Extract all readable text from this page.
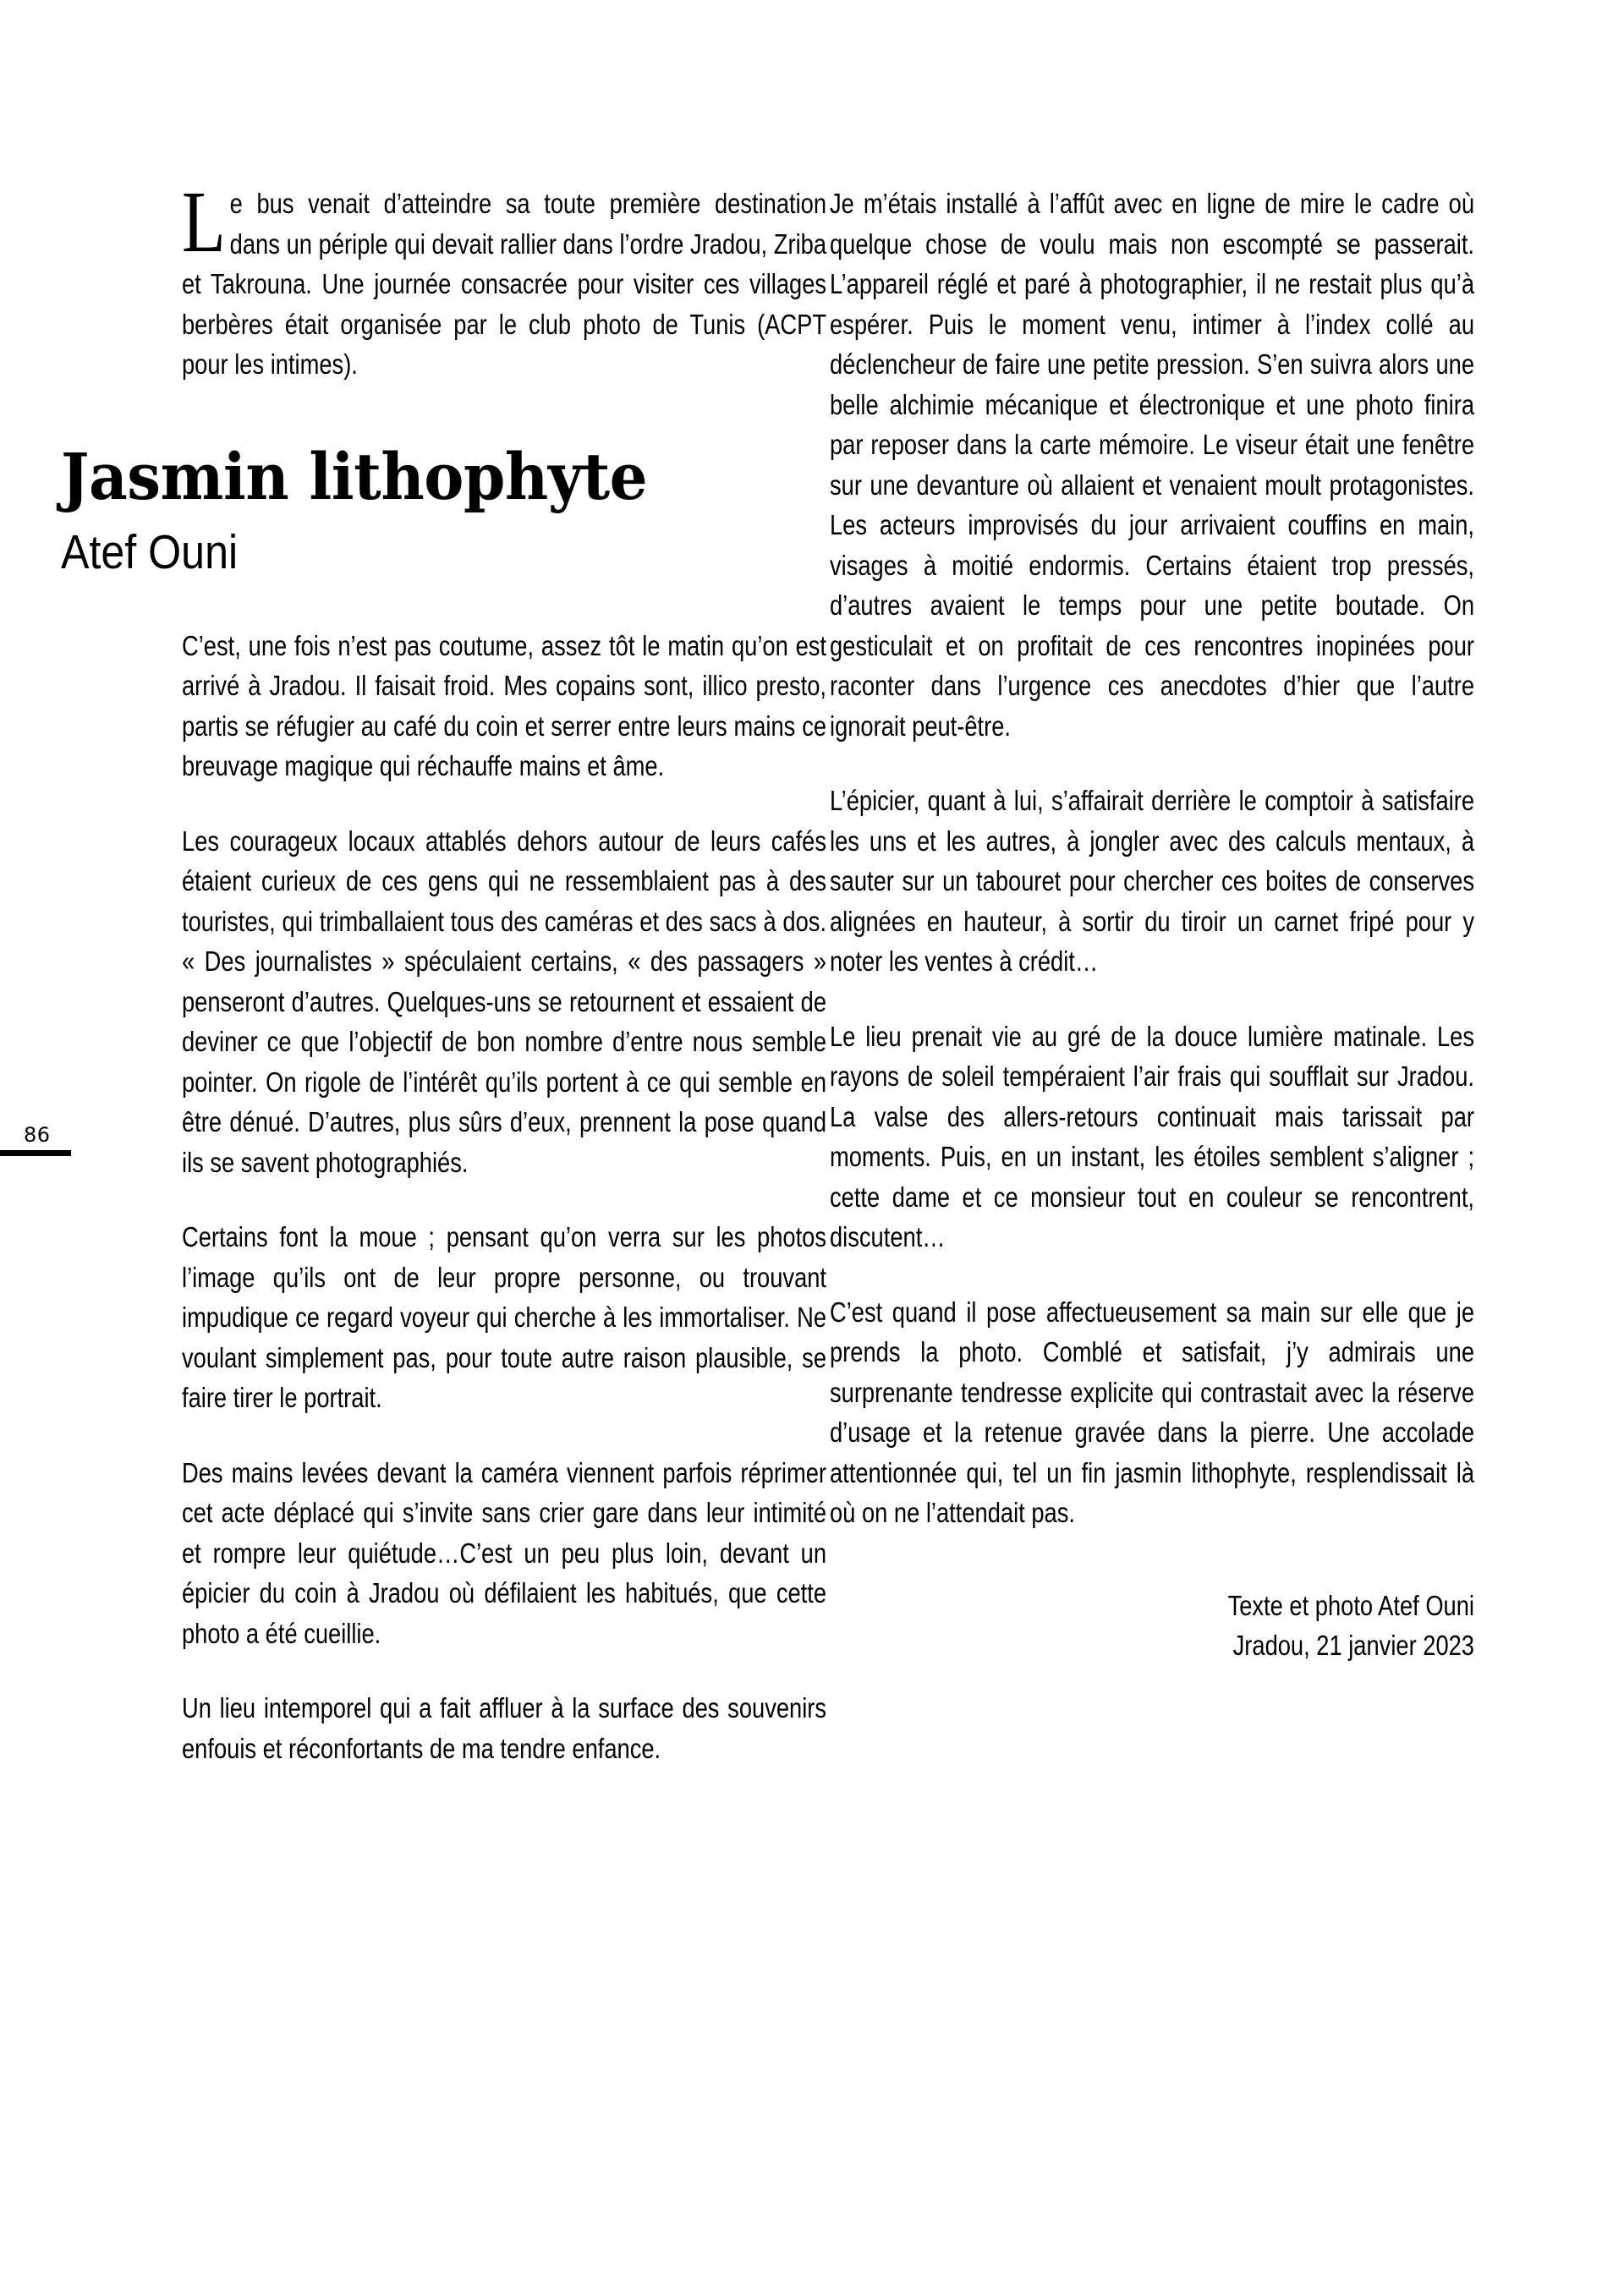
86
Jasmin lithophyte
Atef Ouni

Le bus venait d’atteindre sa toute première destination dans un périple qui devait rallier dans l’ordre Jradou, Zriba et Takrouna. Une journée consacrée pour visiter ces villages berbères était organisée par le club photo de Tunis (ACPT pour les intimes).

C’est, une fois n’est pas coutume, assez tôt le matin qu’on est arrivé à Jradou. Il faisait froid. Mes copains sont, illico presto, partis se réfugier au café du coin et serrer entre leurs mains ce breuvage magique qui réchauffe mains et âme.

Les courageux locaux attablés dehors autour de leurs cafés étaient curieux de ces gens qui ne ressemblaient pas à des touristes, qui trimballaient tous des caméras et des sacs à dos. « Des journalistes » spéculaient certains, « des passagers » penseront d’autres. Quelques-uns se retournent et essaient de deviner ce que l’objectif de bon nombre d’entre nous semble pointer. On rigole de l’intérêt qu’ils portent à ce qui semble en être dénué. D’autres, plus sûrs d’eux, prennent la pose quand ils se savent photographiés.

Certains font la moue ; pensant qu’on verra sur les photos l’image qu’ils ont de leur propre personne, ou trouvant impudique ce regard voyeur qui cherche à les immortaliser. Ne voulant simplement pas, pour toute autre raison plausible, se faire tirer le portrait.

Des mains levées devant la caméra viennent parfois réprimer cet acte déplacé qui s’invite sans crier gare dans leur intimité et rompre leur quiétude…C’est un peu plus loin, devant un épicier du coin à Jradou où défilaient les habitués, que cette photo a été cueillie.

Un lieu intemporel qui a fait affluer à la surface des souvenirs enfouis et réconfortants de ma tendre enfance.

Je m’étais installé à l’affût avec en ligne de mire le cadre où quelque chose de voulu mais non escompté se passerait. L’appareil réglé et paré à photographier, il ne restait plus qu’à espérer. Puis le moment venu, intimer à l’index collé au déclencheur de faire une petite pression. S’en suivra alors une belle alchimie mécanique et électronique et une photo finira par reposer dans la carte mémoire. Le viseur était une fenêtre sur une devanture où allaient et venaient moult protagonistes. Les acteurs improvisés du jour arrivaient couffins en main, visages à moitié endormis. Certains étaient trop pressés, d’autres avaient le temps pour une petite boutade. On gesticulait et on profitait de ces rencontres inopinées pour raconter dans l’urgence ces anecdotes d’hier que l’autre ignorait peut-être.

L’épicier, quant à lui, s’affairait derrière le comptoir à satisfaire les uns et les autres, à jongler avec des calculs mentaux, à sauter sur un tabouret pour chercher ces boites de conserves alignées en hauteur, à sortir du tiroir un carnet fripé pour y noter les ventes à crédit…

Le lieu prenait vie au gré de la douce lumière matinale. Les rayons de soleil tempéraient l’air frais qui soufflait sur Jradou. La valse des allers-retours continuait mais tarissait par moments. Puis, en un instant, les étoiles semblent s’aligner ; cette dame et ce monsieur tout en couleur se rencontrent, discutent…

C’est quand il pose affectueusement sa main sur elle que je prends la photo. Comblé et satisfait, j’y admirais une surprenante tendresse explicite qui contrastait avec la réserve d’usage et la retenue gravée dans la pierre. Une accolade attentionnée qui, tel un fin jasmin lithophyte, resplendissait là où on ne l’attendait pas.

Texte et photo Atef Ouni
Jradou, 21 janvier 2023
